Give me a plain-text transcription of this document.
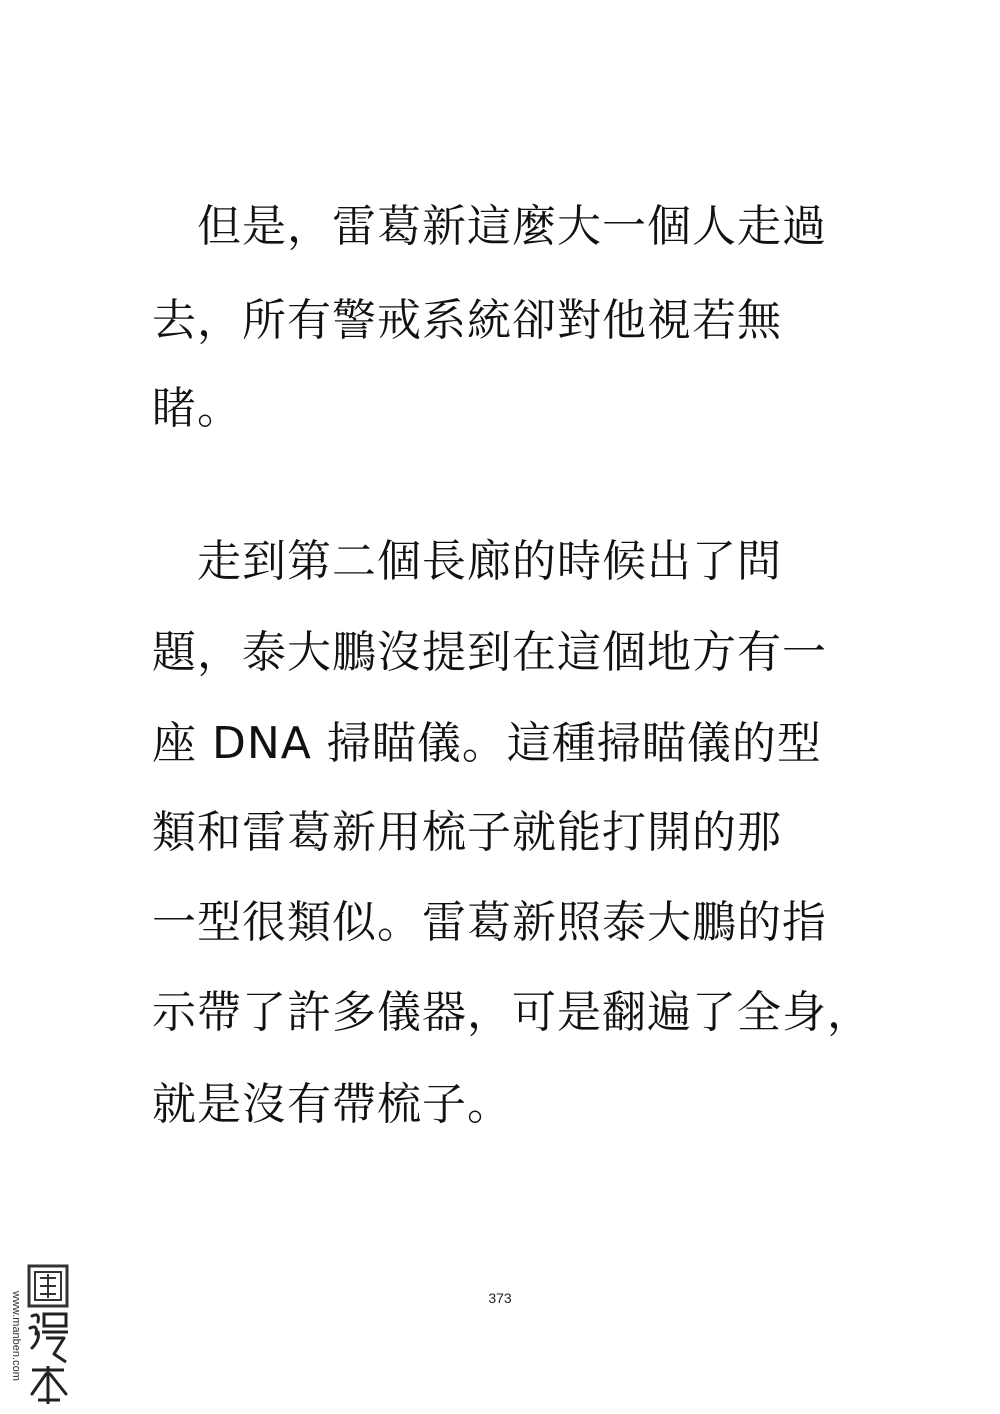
　但是，雷葛新這麼大一個人走過
去，所有警戒系統卻對他視若無
睹。
　走到第二個長廊的時候出了問
題，泰大鵬沒提到在這個地方有一
座 DNA 掃瞄儀。這種掃瞄儀的型
類和雷葛新用梳子就能打開的那
一型很類似。雷葛新照泰大鵬的指
示帶了許多儀器，可是翻遍了全身，
就是沒有帶梳子。
373
www.manben.com
